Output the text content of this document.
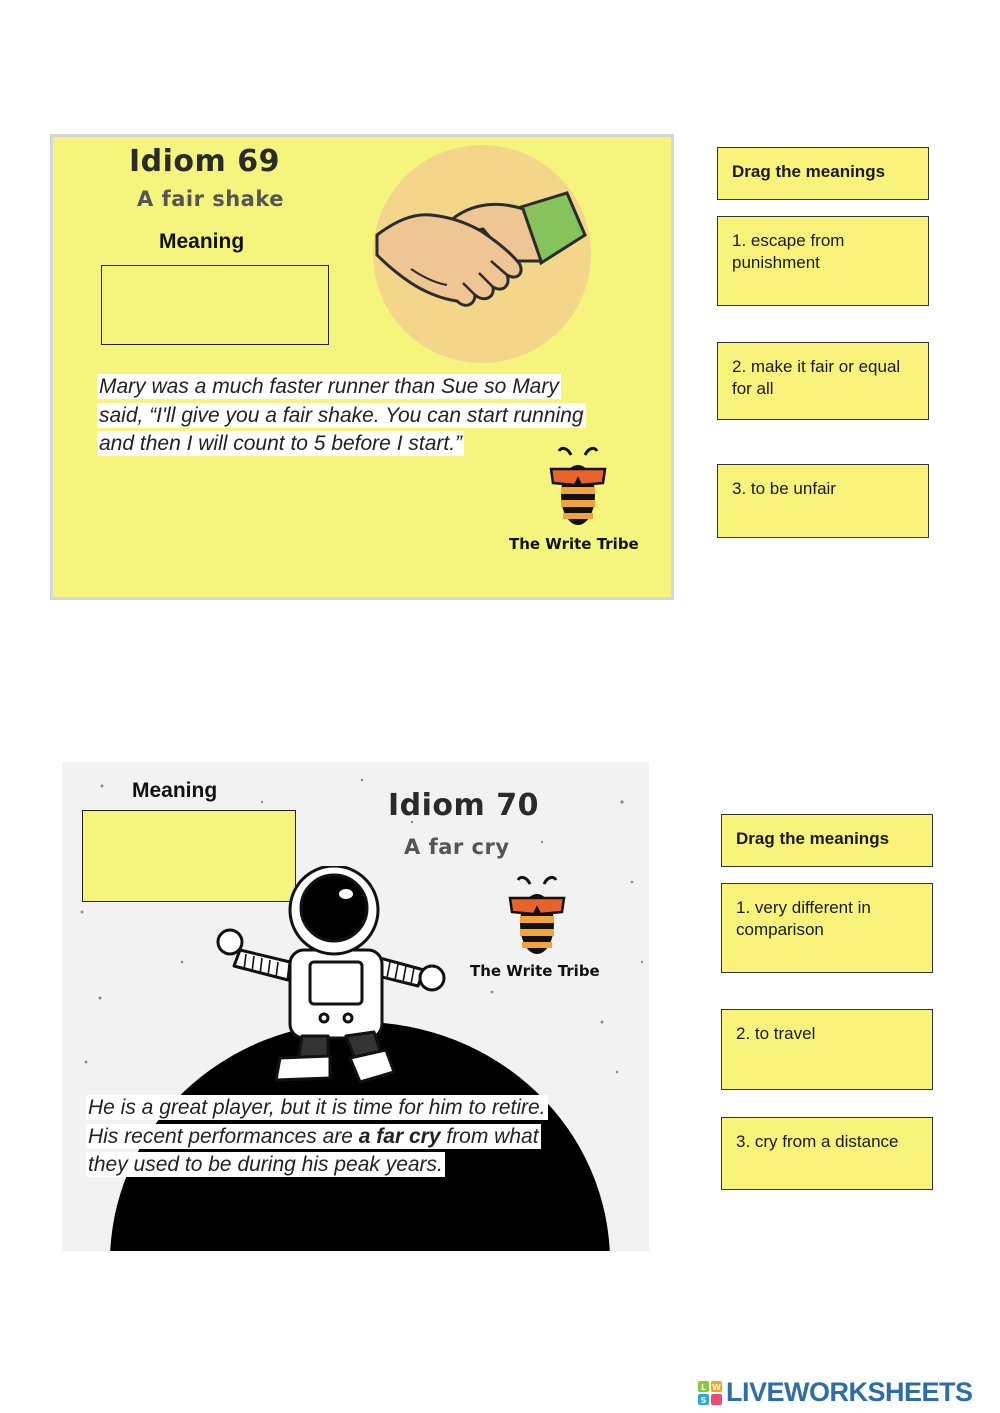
Idiom 69
A fair shake
Meaning
Mary was a much faster runner than Sue so Mary
said, “I'll give you a fair shake. You can start running
and then I will count to 5 before I start.”
The Write Tribe
Drag the meanings
1. escape from punishment
2. make it fair or equal for all
3. to be unfair
Meaning	Idiom 70
A far cry
The Write Tribe
He is a great player, but it is time for him to retire.
His recent performances are a far cry from what
they used to be during his peak years.
Drag the meanings
1. very different in comparison
2. to travel
3. cry from a distance
L W
S LIVEWORKSHEETS
